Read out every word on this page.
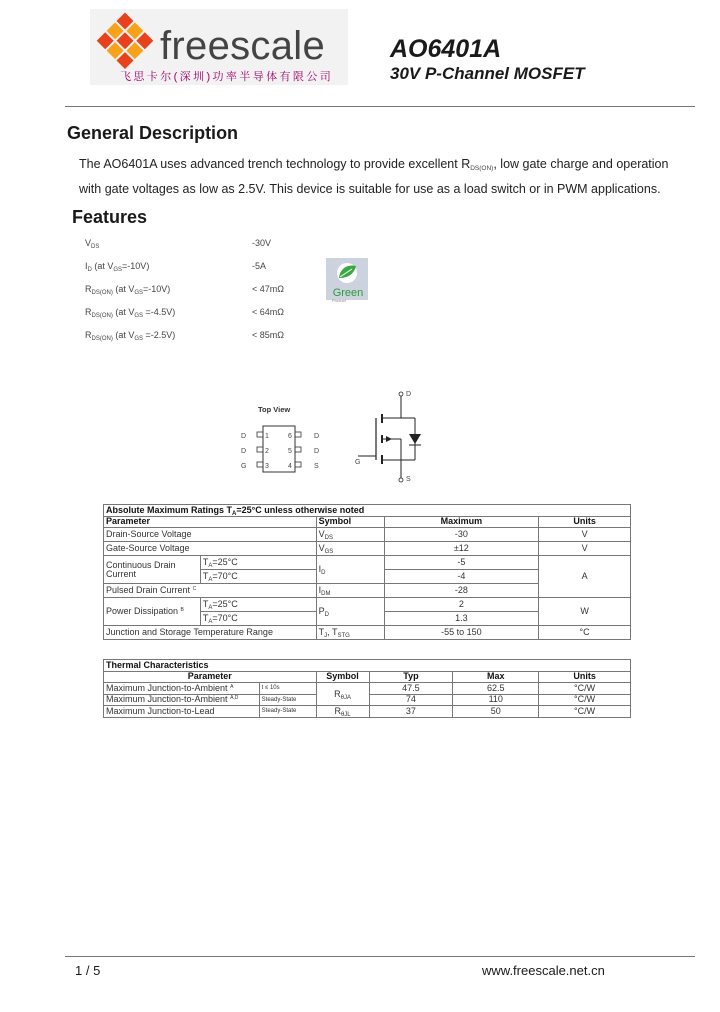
freescale
飞思卡尔(深圳)功率半导体有限公司
AO6401A
30V P-Channel MOSFET
General Description
The AO6401A uses advanced trench technology to provide excellent $R_{DS(ON)}$, low gate charge and operation
with gate voltages as low as 2.5V. This device is suitable for use as a load switch or in PWM applications.
Features
$V_{DS}$	-30V
$I_D$ (at $V_{GS}=-10V$)	-5A
$R_{DS(ON)}$ (at $V_{GS}=-10V$)	< 47mΩ
$R_{DS(ON)}$ (at $V_{GS} =-4.5V$)	< 64mΩ
$R_{DS(ON)}$ (at $V_{GS} =-2.5V$)	< 85mΩ
Green
Product
Top View
D
D
G
1
2
3
6
5
4
D
D
S
D
G
S
Absolute Maximum Ratings $T_A=25^\circ C$ unless otherwise noted				
Parameter		Symbol	Maximum	Units
Drain-Source Voltage		$V_{DS}$	-30	V
Gate-Source Voltage		$V_{GS}$	±12	V
Continuous Drain
Current	$T_A=25^\circ C$	$I_D$	-5	A
	$T_A=70^\circ C$		-4	
Pulsed Drain Current $^C$		$I_{DM}$	-28	
Power Dissipation $^B$	$T_A=25^\circ C$	$P_D$	2	W
	$T_A=70^\circ C$		1.3	
Junction and Storage Temperature Range		$T_J$, $T_{STG}$	-55 to 150	°C
Thermal Characteristics					
Parameter		Symbol	Typ	Max	Units
Maximum Junction-to-Ambient $^A$	t ≤ 10s	$R_{\theta JA}$	47.5	62.5	°C/W
Maximum Junction-to-Ambient $^{A,D}$	Steady-State		74	110	°C/W
Maximum Junction-to-Lead	Steady-State	$R_{\theta JL}$	37	50	°C/W
1 / 5	www.freescale.net.cn
